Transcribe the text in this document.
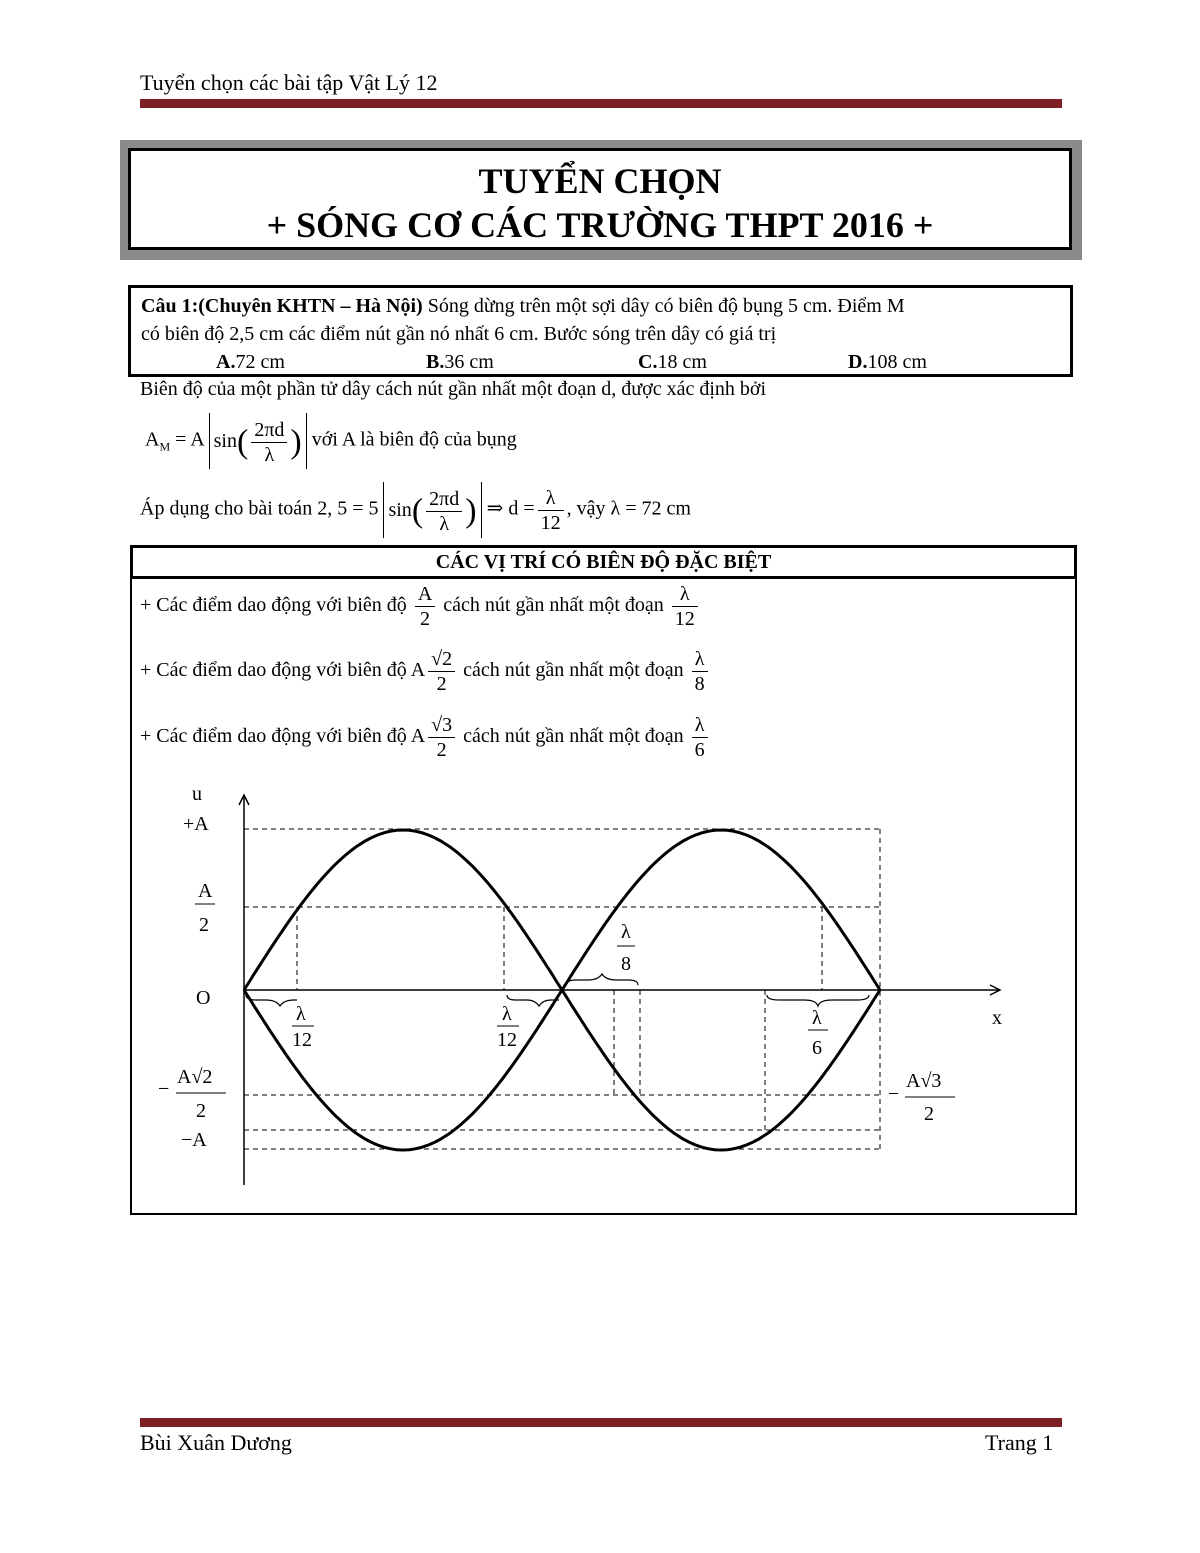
Tuyển chọn các bài tập Vật Lý 12
TUYỂN CHỌN
+ SÓNG CƠ CÁC TRƯỜNG THPT 2016 +
Câu 1:(Chuyên KHTN – Hà Nội) Sóng dừng trên một sợi dây có biên độ bụng 5 cm. Điểm M
có biên độ 2,5 cm các điểm nút gần nó nhất 6 cm. Bước sóng trên dây có giá trị
A.72 cm	B.36 cm	C.18 cm	D.108 cm
Biên độ của một phần tử dây cách nút gần nhất một đoạn d, được xác định bởi
$A_M = A$ $\sin( \frac{2\pi d}{\lambda}$ ) với A là biên độ của bụng
Áp dụng cho bài toán 2, 5 = 5 $\sin( \frac{2\pi d}{\lambda}$ ) ⇒ $d = \frac{\lambda}{12}$ , vậy λ = 72 cm
CÁC VỊ TRÍ CÓ BIÊN ĐỘ ĐẶC BIỆT
+ Các điểm dao động với biên độ $\frac{A}{2}$ cách nút gần nhất một đoạn $\frac{\lambda}{12}$
+ Các điểm dao động với biên độ A $\frac{√2}{2}$ cách nút gần nhất một đoạn $\frac{\lambda}{8}$
+ Các điểm dao động với biên độ A $\frac{√3}{2}$ cách nút gần nhất một đoạn $\frac{\lambda}{6}$
u
+A
A
2
O
x
−
A√2
2
−A
−
A√3
2
λ
12
λ
12
λ
8
λ
6
Bùi Xuân Dương	Trang 1
